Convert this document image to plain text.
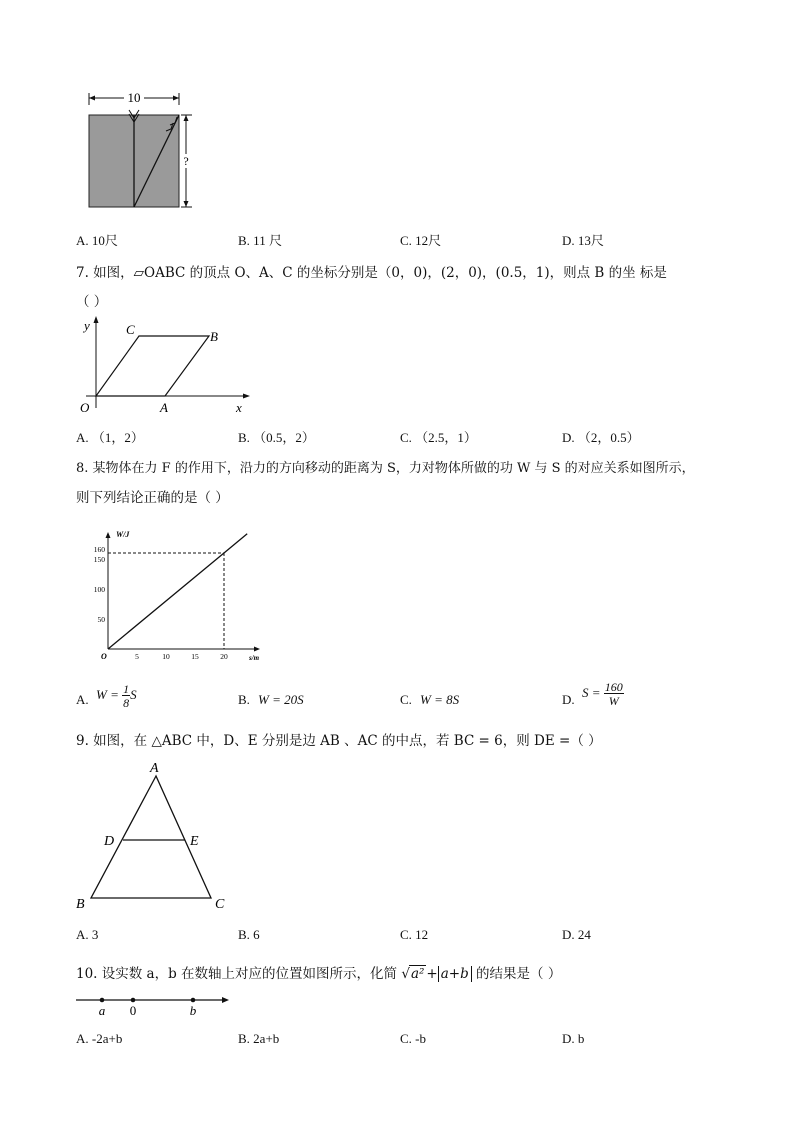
10
?
A. 10尺	B. 11 尺	C. 12尺	D. 13尺
7. 如图，▱OABC 的顶点 O、A、C 的坐标分别是（0，0)，(2，0)，(0.5，1)，则点 B 的坐 标是
（ ）
y
x
O	A
B
C
A. （1，2）	B. （0.5，2）	C. （2.5，1）	D. （2，0.5）
8. 某物体在力 F 的作用下，沿力的方向移动的距离为 S，力对物体所做的功 W 与 S 的对应关系如图所示，
则下列结论正确的是（ ）
W/J
s/m
O	5	10	15	20
50
100
150
160
A. $W = \frac{1}{8}$ S	B. W = 20S	C. W = 8S	D. $S = \frac{160}{W}$
9. 如图，在 △ABC 中，D、E 分别是边 AB 、AC 的中点，若 BC = 6，则 DE =（ ）
A
B	C
D	E
A. 3	B. 6	C. 12	D. 24
10. 设实数 a，b 在数轴上对应的位置如图所示，化简 √a² + a+b 的结果是（ ）
a 0	b
A. -2a+b	B. 2a+b	C. -b	D. b
